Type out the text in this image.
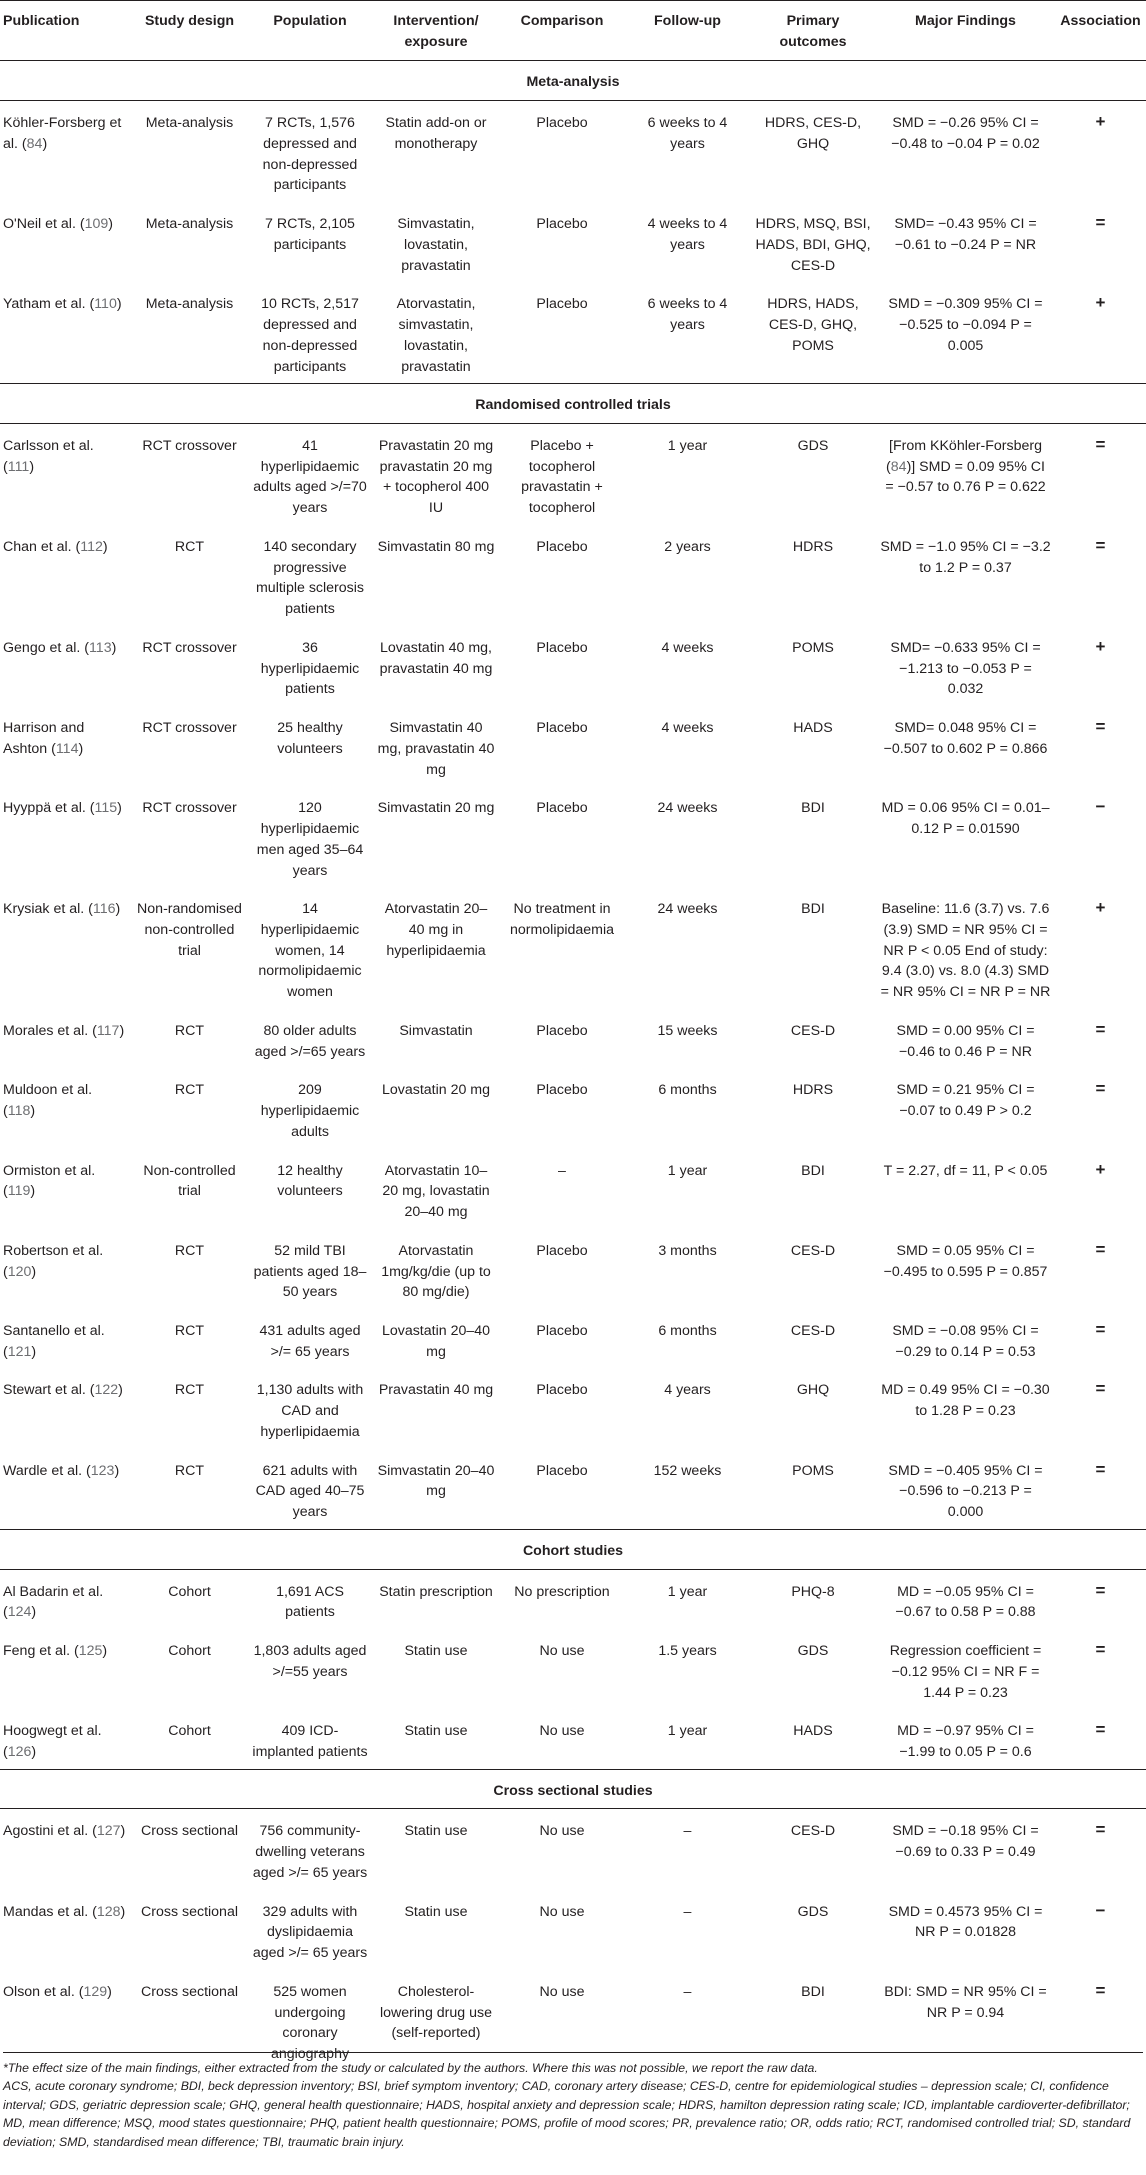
Publication	Study design	Population	Intervention/ exposure	Comparison	Follow-up	Primary outcomes	Major Findings	Association
Meta-analysis								
Köhler-Forsberg et al. (84)	Meta-analysis	7 RCTs, 1,576 depressed and non-depressed participants	Statin add-on or monotherapy	Placebo	6 weeks to 4 years	HDRS, CES-D, GHQ	SMD = −0.26 95% CI = −0.48 to −0.04 P = 0.02	+
O'Neil et al. (109)	Meta-analysis	7 RCTs, 2,105 participants	Simvastatin, lovastatin, pravastatin	Placebo	4 weeks to 4 years	HDRS, MSQ, BSI, HADS, BDI, GHQ, CES-D	SMD= −0.43 95% CI = −0.61 to −0.24 P = NR	=
Yatham et al. (110)	Meta-analysis	10 RCTs, 2,517 depressed and non-depressed participants	Atorvastatin, simvastatin, lovastatin, pravastatin	Placebo	6 weeks to 4 years	HDRS, HADS, CES-D, GHQ, POMS	SMD = −0.309 95% CI = −0.525 to −0.094 P = 0.005	+
Randomised controlled trials								
Carlsson et al. (111)	RCT crossover	41 hyperlipidaemic adults aged >/=70 years	Pravastatin 20 mg pravastatin 20 mg + tocopherol 400 IU	Placebo + tocopherol pravastatin + tocopherol	1 year	GDS	[From KKöhler-Forsberg (84)] SMD = 0.09 95% CI = −0.57 to 0.76 P = 0.622	=
Chan et al. (112)	RCT	140 secondary progressive multiple sclerosis patients	Simvastatin 80 mg	Placebo	2 years	HDRS	SMD = −1.0 95% CI = −3.2 to 1.2 P = 0.37	=
Gengo et al. (113)	RCT crossover	36 hyperlipidaemic patients	Lovastatin 40 mg, pravastatin 40 mg	Placebo	4 weeks	POMS	SMD= −0.633 95% CI = −1.213 to −0.053 P = 0.032	+
Harrison and Ashton (114)	RCT crossover	25 healthy volunteers	Simvastatin 40 mg, pravastatin 40 mg	Placebo	4 weeks	HADS	SMD= 0.048 95% CI = −0.507 to 0.602 P = 0.866	=
Hyyppä et al. (115)	RCT crossover	120 hyperlipidaemic men aged 35–64 years	Simvastatin 20 mg	Placebo	24 weeks	BDI	MD = 0.06 95% CI = 0.01–0.12 P = 0.01590	−
Krysiak et al. (116)	Non-randomised non-controlled trial	14 hyperlipidaemic women, 14 normolipidaemic women	Atorvastatin 20–40 mg in hyperlipidaemia	No treatment in normolipidaemia	24 weeks	BDI	Baseline: 11.6 (3.7) vs. 7.6 (3.9) SMD = NR 95% CI = NR P < 0.05 End of study: 9.4 (3.0) vs. 8.0 (4.3) SMD = NR 95% CI = NR P = NR	+
Morales et al. (117)	RCT	80 older adults aged >/=65 years	Simvastatin	Placebo	15 weeks	CES-D	SMD = 0.00 95% CI = −0.46 to 0.46 P = NR	=
Muldoon et al. (118)	RCT	209 hyperlipidaemic adults	Lovastatin 20 mg	Placebo	6 months	HDRS	SMD = 0.21 95% CI = −0.07 to 0.49 P > 0.2	=
Ormiston et al. (119)	Non-controlled trial	12 healthy volunteers	Atorvastatin 10–20 mg, lovastatin 20–40 mg	–	1 year	BDI	T = 2.27, df = 11, P < 0.05	+
Robertson et al. (120)	RCT	52 mild TBI patients aged 18–50 years	Atorvastatin 1mg/kg/die (up to 80 mg/die)	Placebo	3 months	CES-D	SMD = 0.05 95% CI = −0.495 to 0.595 P = 0.857	=
Santanello et al. (121)	RCT	431 adults aged >/= 65 years	Lovastatin 20–40 mg	Placebo	6 months	CES-D	SMD = −0.08 95% CI = −0.29 to 0.14 P = 0.53	=
Stewart et al. (122)	RCT	1,130 adults with CAD and hyperlipidaemia	Pravastatin 40 mg	Placebo	4 years	GHQ	MD = 0.49 95% CI = −0.30 to 1.28 P = 0.23	=
Wardle et al. (123)	RCT	621 adults with CAD aged 40–75 years	Simvastatin 20–40 mg	Placebo	152 weeks	POMS	SMD = −0.405 95% CI = −0.596 to −0.213 P = 0.000	=
Cohort studies								
Al Badarin et al. (124)	Cohort	1,691 ACS patients	Statin prescription	No prescription	1 year	PHQ-8	MD = −0.05 95% CI = −0.67 to 0.58 P = 0.88	=
Feng et al. (125)	Cohort	1,803 adults aged >/=55 years	Statin use	No use	1.5 years	GDS	Regression coefficient = −0.12 95% CI = NR F = 1.44 P = 0.23	=
Hoogwegt et al. (126)	Cohort	409 ICD-implanted patients	Statin use	No use	1 year	HADS	MD = −0.97 95% CI = −1.99 to 0.05 P = 0.6	=
Cross sectional studies								
Agostini et al. (127)	Cross sectional	756 community-dwelling veterans aged >/= 65 years	Statin use	No use	–	CES-D	SMD = −0.18 95% CI = −0.69 to 0.33 P = 0.49	=
Mandas et al. (128)	Cross sectional	329 adults with dyslipidaemia aged >/= 65 years	Statin use	No use	–	GDS	SMD = 0.4573 95% CI = NR P = 0.01828	−
Olson et al. (129)	Cross sectional	525 women undergoing coronary angiography	Cholesterol-lowering drug use (self-reported)	No use	–	BDI	BDI: SMD = NR 95% CI = NR P = 0.94	=

*The effect size of the main findings, either extracted from the study or calculated by the authors. Where this was not possible, we report the raw data.

ACS, acute coronary syndrome; BDI, beck depression inventory; BSI, brief symptom inventory; CAD, coronary artery disease; CES-D, centre for epidemiological studies – depression scale; CI, confidence interval; GDS, geriatric depression scale; GHQ, general health questionnaire; HADS, hospital anxiety and depression scale; HDRS, hamilton depression rating scale; ICD, implantable cardioverter-defibrillator; MD, mean difference; MSQ, mood states questionnaire; PHQ, patient health questionnaire; POMS, profile of mood scores; PR, prevalence ratio; OR, odds ratio; RCT, randomised controlled trial; SD, standard deviation; SMD, standardised mean difference; TBI, traumatic brain injury.
